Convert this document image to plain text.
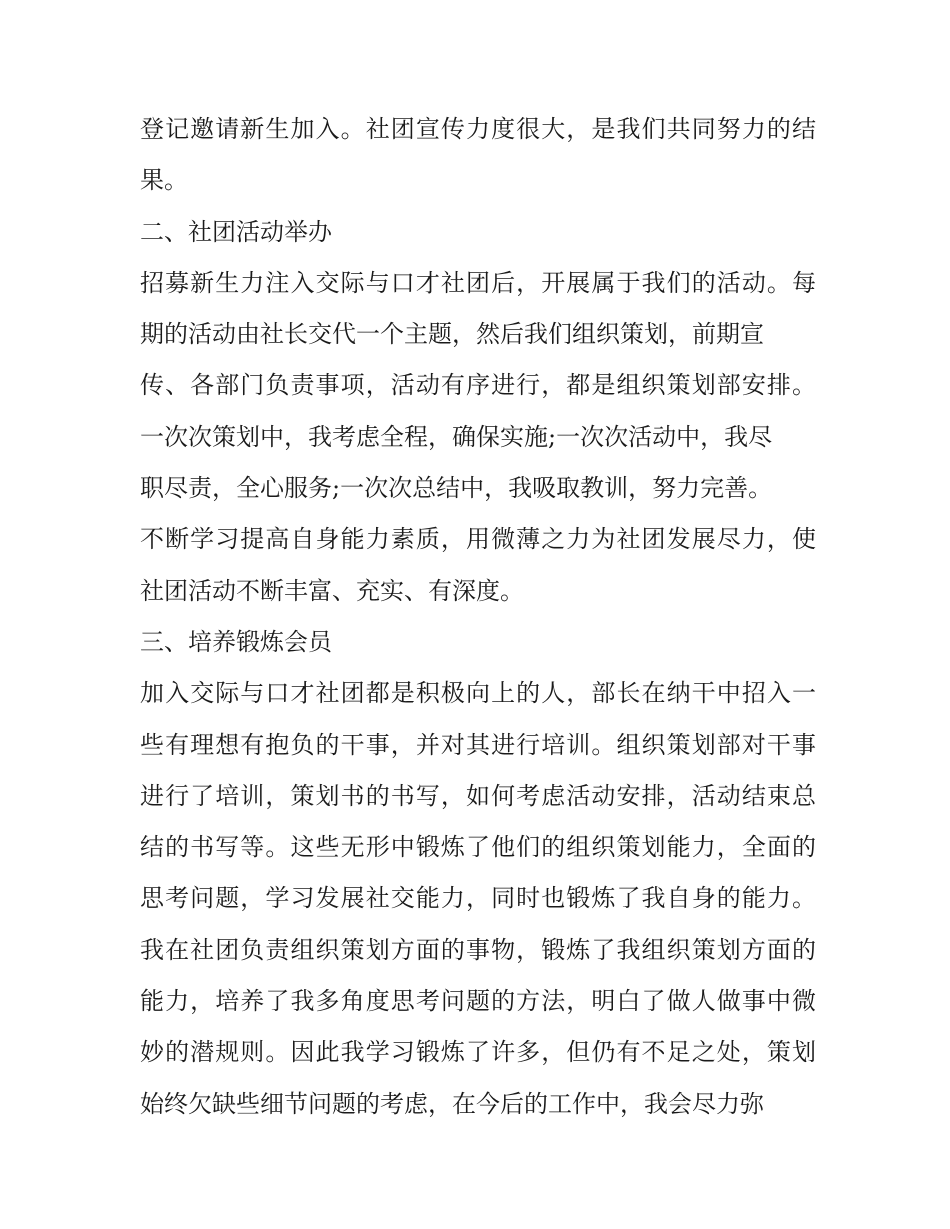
登记邀请新生加入。社团宣传力度很大，是我们共同努力的结

果。

二、社团活动举办

招募新生力注入交际与口才社团后，开展属于我们的活动。每

期的活动由社长交代一个主题，然后我们组织策划，前期宣

传、各部门负责事项，活动有序进行，都是组织策划部安排。

一次次策划中，我考虑全程，确保实施;一次次活动中，我尽

职尽责，全心服务;一次次总结中，我吸取教训，努力完善。

不断学习提高自身能力素质，用微薄之力为社团发展尽力，使

社团活动不断丰富、充实、有深度。

三、培养锻炼会员

加入交际与口才社团都是积极向上的人，部长在纳干中招入一

些有理想有抱负的干事，并对其进行培训。组织策划部对干事

进行了培训，策划书的书写，如何考虑活动安排，活动结束总

结的书写等。这些无形中锻炼了他们的组织策划能力，全面的

思考问题，学习发展社交能力，同时也锻炼了我自身的能力。

我在社团负责组织策划方面的事物，锻炼了我组织策划方面的

能力，培养了我多角度思考问题的方法，明白了做人做事中微

妙的潜规则。因此我学习锻炼了许多，但仍有不足之处，策划

始终欠缺些细节问题的考虑，在今后的工作中，我会尽力弥
